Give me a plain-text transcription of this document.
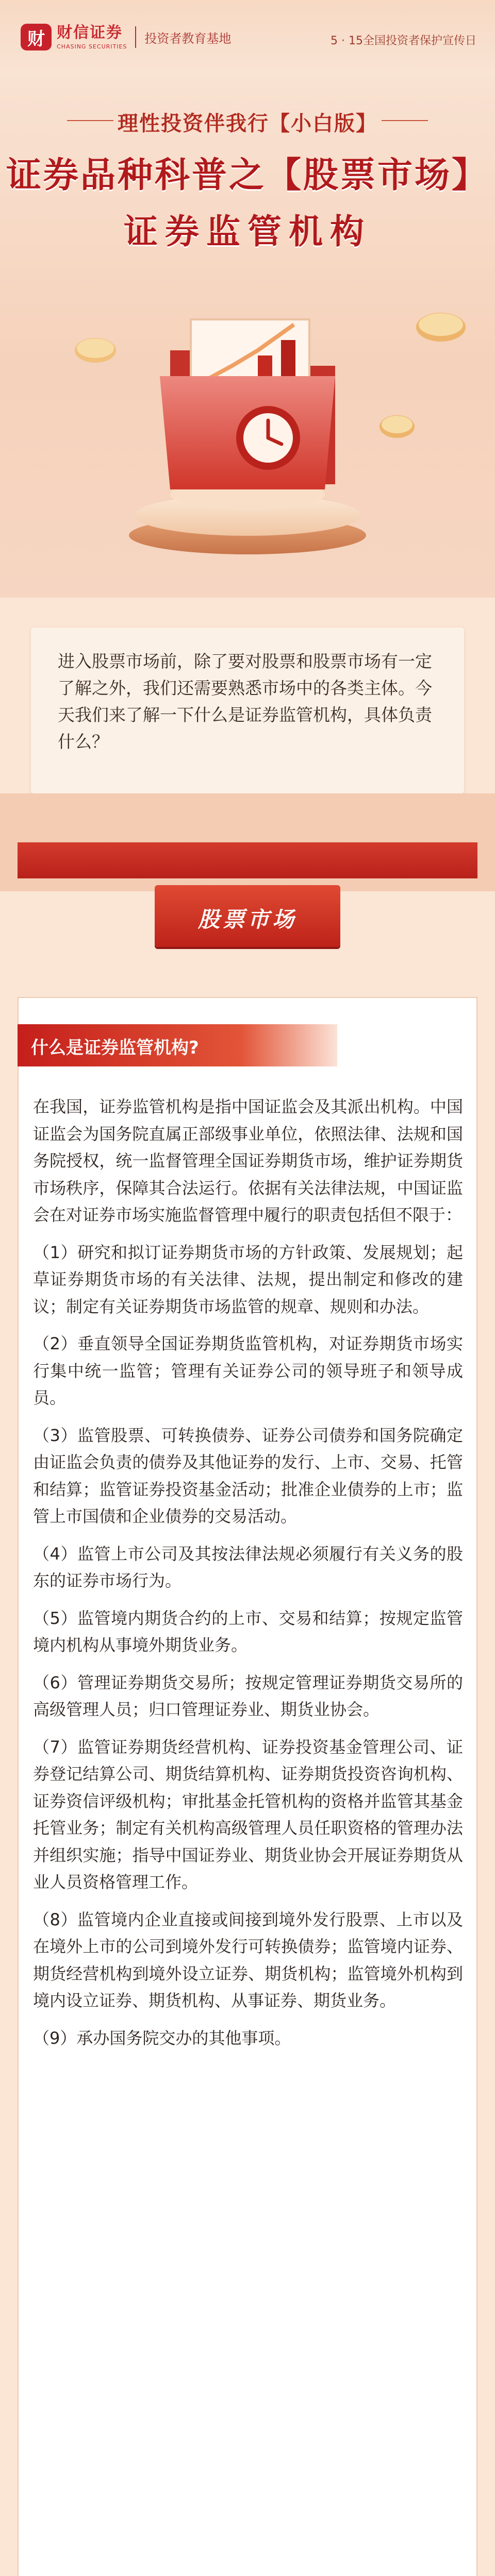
财 财信证券
CHASING SECURITIES
投资者教育基地	5 · 15全国投资者保护宣传日
理性投资伴我行【小白版】
证券品种科普之【股票市场】
证券监管机构

进入股票市场前，除了要对股票和股票市场有一定了解之外，我们还需要熟悉市场中的各类主体。今天我们来了解一下什么是证券监管机构，具体负责什么？

股票市场
什么是证券监管机构?

在我国，证券监管机构是指中国证监会及其派出机构。中国证监会为国务院直属正部级事业单位，依照法律、法规和国务院授权，统一监督管理全国证券期货市场，维护证券期货市场秩序，保障其合法运行。依据有关法律法规，中国证监会在对证券市场实施监督管理中履行的职责包括但不限于：

（1）研究和拟订证券期货市场的方针政策、发展规划；起草证券期货市场的有关法律、法规，提出制定和修改的建议；制定有关证券期货市场监管的规章、规则和办法。

（2）垂直领导全国证券期货监管机构，对证券期货市场实行集中统一监管；管理有关证券公司的领导班子和领导成员。

（3）监管股票、可转换债券、证券公司债券和国务院确定由证监会负责的债券及其他证券的发行、上市、交易、托管和结算；监管证券投资基金活动；批准企业债券的上市；监管上市国债和企业债券的交易活动。

（4）监管上市公司及其按法律法规必须履行有关义务的股东的证券市场行为。

（5）监管境内期货合约的上市、交易和结算；按规定监管境内机构从事境外期货业务。

（6）管理证券期货交易所；按规定管理证券期货交易所的高级管理人员；归口管理证券业、期货业协会。

（7）监管证券期货经营机构、证券投资基金管理公司、证券登记结算公司、期货结算机构、证券期货投资咨询机构、证券资信评级机构；审批基金托管机构的资格并监管其基金托管业务；制定有关机构高级管理人员任职资格的管理办法并组织实施；指导中国证券业、期货业协会开展证券期货从业人员资格管理工作。

（8）监管境内企业直接或间接到境外发行股票、上市以及在境外上市的公司到境外发行可转换债券；监管境内证券、期货经营机构到境外设立证券、期货机构；监管境外机构到境内设立证券、期货机构、从事证券、期货业务。

（9）承办国务院交办的其他事项。
